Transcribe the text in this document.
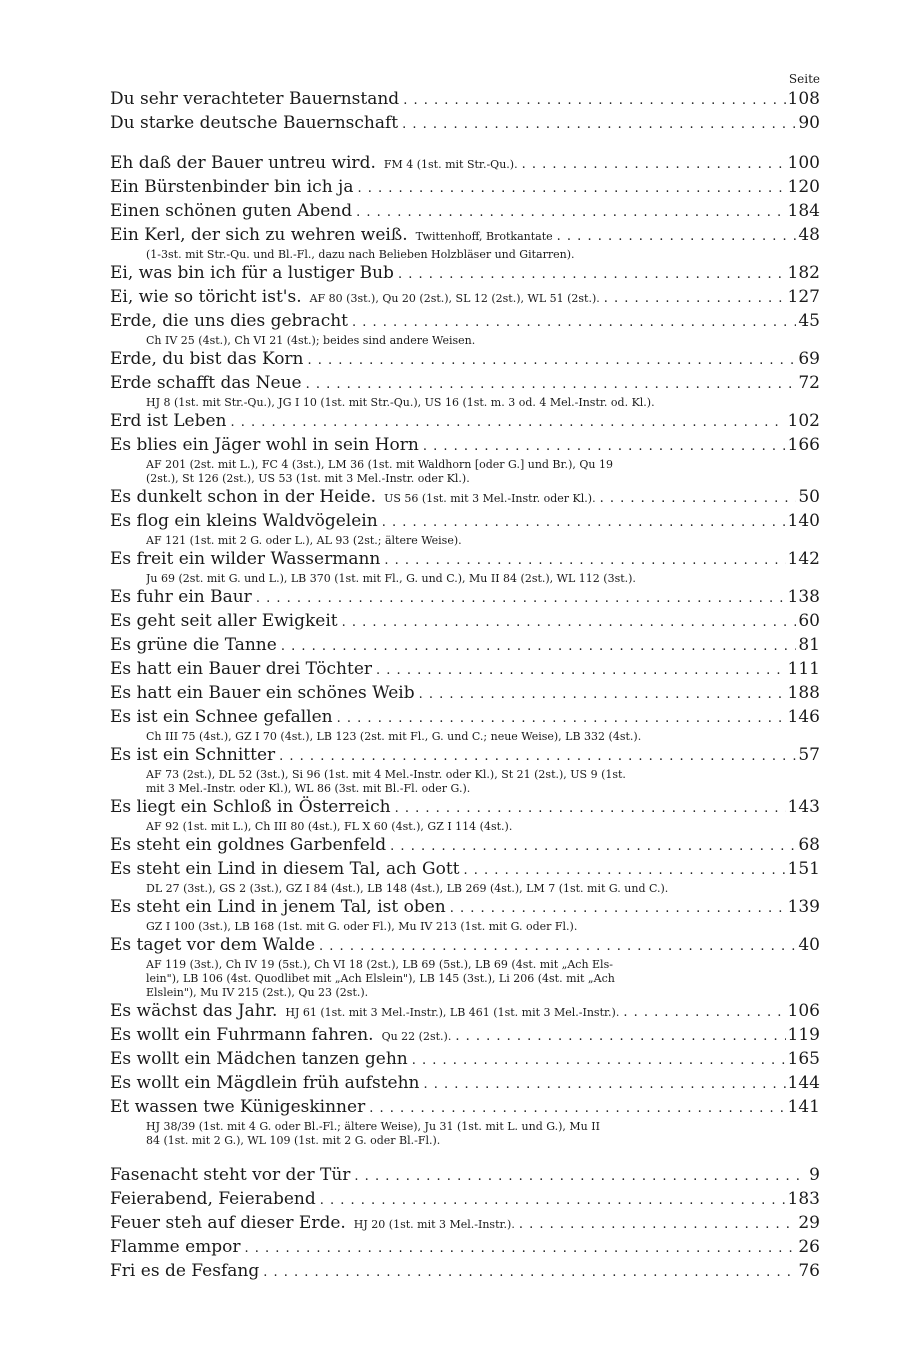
Seite
Du sehr verachteter Bauernstand . . .	108
Du starke deutsche Bauernschaft . . .	90
Eh daß der Bauer untreu wird. FM 4 (1st. mit Str.-Qu.). . . .	100
Ein Bürstenbinder bin ich ja . . .	120
Einen schönen guten Abend . . .	184
Ein Kerl, der sich zu wehren weiß. Twittenhoff, Brotkantate . . .	48
(1-3st. mit Str.-Qu. und Bl.-Fl., dazu nach Belieben Holzbläser und Gitarren).
Ei, was bin ich für a lustiger Bub . . .	182
Ei, wie so töricht ist's. AF 80 (3st.), Qu 20 (2st.), SL 12 (2st.), WL 51 (2st.). . . .	127
Erde, die uns dies gebracht . . .	45
Ch IV 25 (4st.), Ch VI 21 (4st.); beides sind andere Weisen.
Erde, du bist das Korn . . .	69
Erde schafft das Neue . . .	72
HJ 8 (1st. mit Str.-Qu.), JG I 10 (1st. mit Str.-Qu.), US 16 (1st. m. 3 od. 4 Mel.-Instr. od. Kl.).
Erd ist Leben . . .	102
Es blies ein Jäger wohl in sein Horn . . .	166
AF 201 (2st. mit L.), FC 4 (3st.), LM 36 (1st. mit Waldhorn [oder G.] und Br.), Qu 19
(2st.), St 126 (2st.), US 53 (1st. mit 3 Mel.-Instr. oder Kl.).
Es dunkelt schon in der Heide. US 56 (1st. mit 3 Mel.-Instr. oder Kl.). . . .	50
Es flog ein kleins Waldvögelein . . .	140
AF 121 (1st. mit 2 G. oder L.), AL 93 (2st.; ältere Weise).
Es freit ein wilder Wassermann . . .	142
Ju 69 (2st. mit G. und L.), LB 370 (1st. mit Fl., G. und C.), Mu II 84 (2st.), WL 112 (3st.).
Es fuhr ein Baur . . .	138
Es geht seit aller Ewigkeit . . .	60
Es grüne die Tanne . . .	81
Es hatt ein Bauer drei Töchter . . .	111
Es hatt ein Bauer ein schönes Weib . . .	188
Es ist ein Schnee gefallen . . .	146
Ch III 75 (4st.), GZ I 70 (4st.), LB 123 (2st. mit Fl., G. und C.; neue Weise), LB 332 (4st.).
Es ist ein Schnitter . . .	57
AF 73 (2st.), DL 52 (3st.), Si 96 (1st. mit 4 Mel.-Instr. oder Kl.), St 21 (2st.), US 9 (1st.
mit 3 Mel.-Instr. oder Kl.), WL 86 (3st. mit Bl.-Fl. oder G.).
Es liegt ein Schloß in Österreich . . .	143
AF 92 (1st. mit L.), Ch III 80 (4st.), FL X 60 (4st.), GZ I 114 (4st.).
Es steht ein goldnes Garbenfeld . . .	68
Es steht ein Lind in diesem Tal, ach Gott . . .	151
DL 27 (3st.), GS 2 (3st.), GZ I 84 (4st.), LB 148 (4st.), LB 269 (4st.), LM 7 (1st. mit G. und C.).
Es steht ein Lind in jenem Tal, ist oben . . .	139
GZ I 100 (3st.), LB 168 (1st. mit G. oder Fl.), Mu IV 213 (1st. mit G. oder Fl.).
Es taget vor dem Walde . . .	40
AF 119 (3st.), Ch IV 19 (5st.), Ch VI 18 (2st.), LB 69 (5st.), LB 69 (4st. mit „Ach Els-
lein"), LB 106 (4st. Quodlibet mit „Ach Elslein"), LB 145 (3st.), Li 206 (4st. mit „Ach
Elslein"), Mu IV 215 (2st.), Qu 23 (2st.).
Es wächst das Jahr. HJ 61 (1st. mit 3 Mel.-Instr.), LB 461 (1st. mit 3 Mel.-Instr.). . . .	106
Es wollt ein Fuhrmann fahren. Qu 22 (2st.). . . .	119
Es wollt ein Mädchen tanzen gehn . . .	165
Es wollt ein Mägdlein früh aufstehn . . .	144
Et wassen twe Künigeskinner . . .	141
HJ 38/39 (1st. mit 4 G. oder Bl.-Fl.; ältere Weise), Ju 31 (1st. mit L. und G.), Mu II
84 (1st. mit 2 G.), WL 109 (1st. mit 2 G. oder Bl.-Fl.).
Fasenacht steht vor der Tür . . .	9
Feierabend, Feierabend . . .	183
Feuer steh auf dieser Erde. HJ 20 (1st. mit 3 Mel.-Instr.). . . .	29
Flamme empor . . .	26
Fri es de Fesfang . . .	76
